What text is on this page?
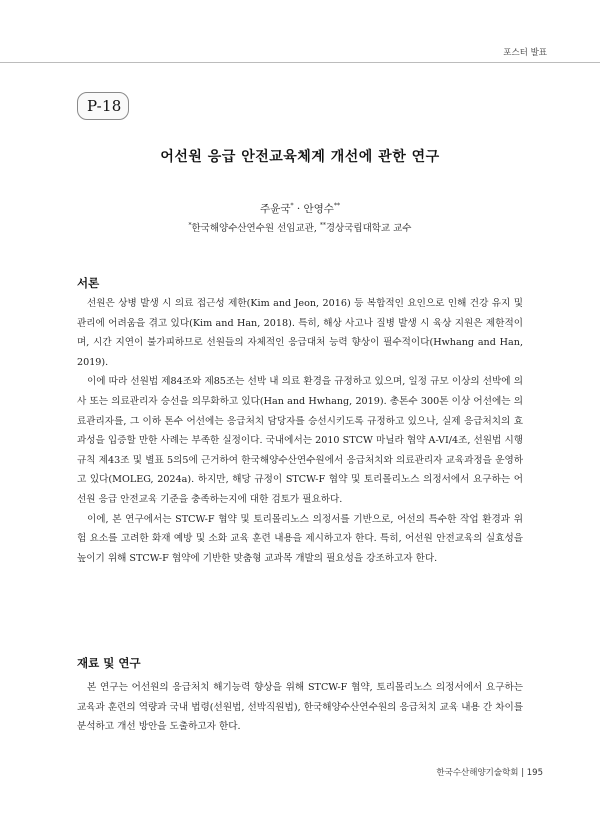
포스터 발표
P-18
어선원 응급 안전교육체계 개선에 관한 연구
주윤국* · 안영수**
*한국해양수산연수원 선임교관, **경상국립대학교 교수
서론

선원은 상병 발생 시 의료 접근성 제한(Kim and Jeon, 2016) 등 복합적인 요인으로 인해 건강 유지 및 관리에 어려움을 겪고 있다(Kim and Han, 2018). 특히, 해상 사고나 질병 발생 시 육상 지원은 제한적이며, 시간 지연이 불가피하므로 선원들의 자체적인 응급대처 능력 향상이 필수적이다(Hwhang and Han, 2019).

이에 따라 선원법 제84조와 제85조는 선박 내 의료 환경을 규정하고 있으며, 일정 규모 이상의 선박에 의사 또는 의료관리자 승선을 의무화하고 있다(Han and Hwhang, 2019). 총톤수 300톤 이상 어선에는 의료관리자를, 그 이하 톤수 어선에는 응급처치 담당자를 승선시키도록 규정하고 있으나, 실제 응급처치의 효과성을 입증할 만한 사례는 부족한 실정이다. 국내에서는 2010 STCW 마닐라 협약 A-VI/4조, 선원법 시행규칙 제43조 및 별표 5의5에 근거하여 한국해양수산연수원에서 응급처치와 의료관리자 교육과정을 운영하고 있다(MOLEG, 2024a). 하지만, 해당 규정이 STCW-F 협약 및 토리몰리노스 의정서에서 요구하는 어선원 응급 안전교육 기준을 충족하는지에 대한 검토가 필요하다.

이에, 본 연구에서는 STCW-F 협약 및 토리몰리노스 의정서를 기반으로, 어선의 특수한 작업 환경과 위험 요소를 고려한 화재 예방 및 소화 교육 훈련 내용을 제시하고자 한다. 특히, 어선원 안전교육의 실효성을 높이기 위해 STCW-F 협약에 기반한 맞춤형 교과목 개발의 필요성을 강조하고자 한다.

재료 및 연구

본 연구는 어선원의 응급처치 해기능력 향상을 위해 STCW-F 협약, 토리몰리노스 의정서에서 요구하는 교육과 훈련의 역량과 국내 법령(선원법, 선박직원법), 한국해양수산연수원의 응급처치 교육 내용 간 차이를 분석하고 개선 방안을 도출하고자 한다.

한국수산해양기술학회 | 195
